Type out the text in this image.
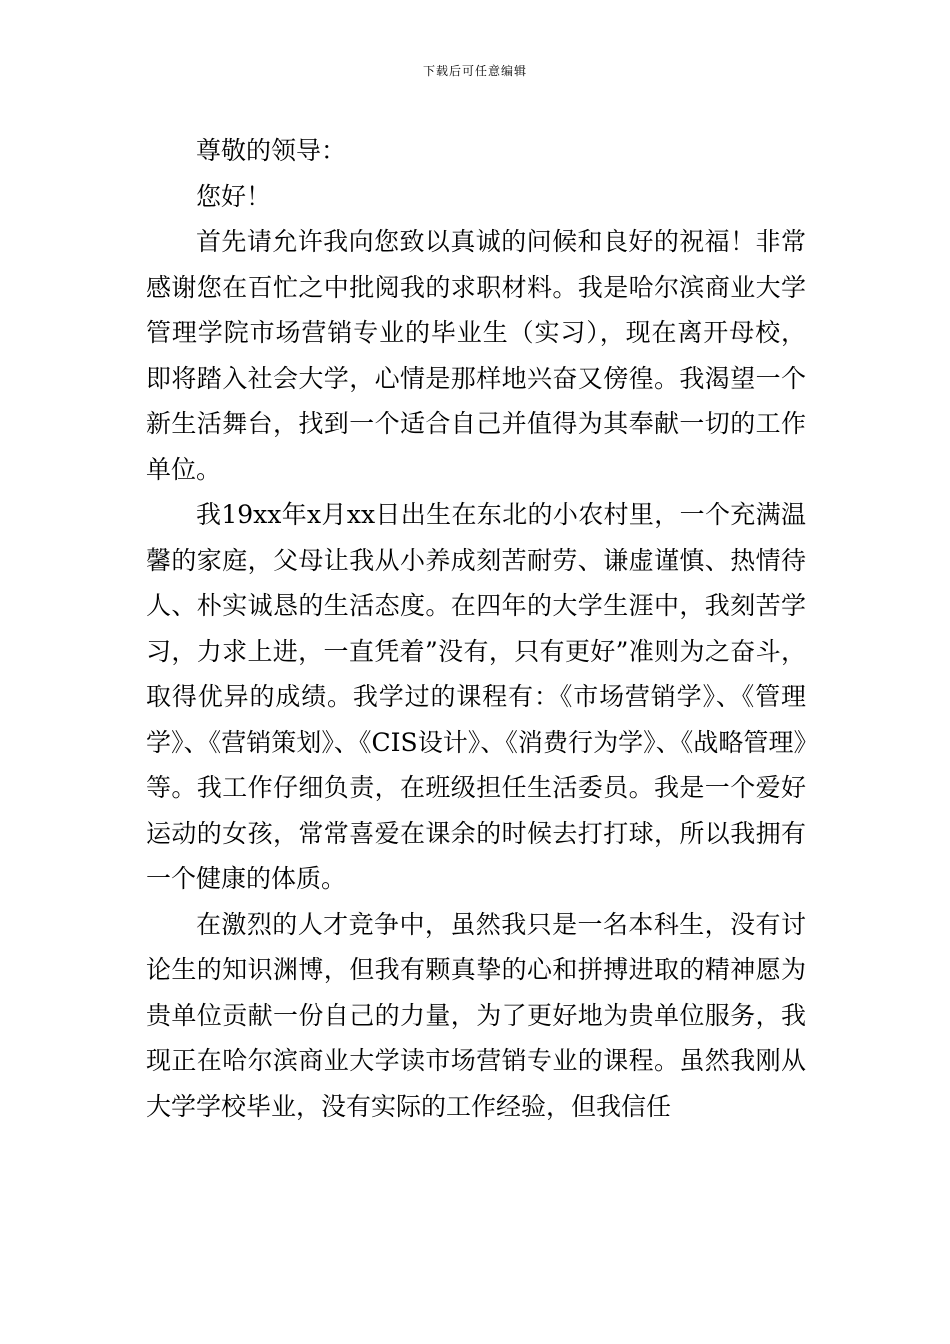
下载后可任意编辑

尊敬的领导：

您好！

首先请允许我向您致以真诚的问候和良好的祝福！非常感谢您在百忙之中批阅我的求职材料。我是哈尔滨商业大学管理学院市场营销专业的毕业生（实习），现在离开母校，即将踏入社会大学，心情是那样地兴奋又傍徨。我渴望一个新生活舞台，找到一个适合自己并值得为其奉献一切的工作单位。

我19xx年x月xx日出生在东北的小农村里，一个充满温馨的家庭，父母让我从小养成刻苦耐劳、谦虚谨慎、热情待人、朴实诚恳的生活态度。在四年的大学生涯中，我刻苦学习，力求上进，一直凭着”没有，只有更好”准则为之奋斗，取得优异的成绩。我学过的课程有：《市场营销学》、《管理学》、《营销策划》、《CIS设计》、《消费行为学》、《战略管理》等。我工作仔细负责，在班级担任生活委员。我是一个爱好运动的女孩，常常喜爱在课余的时候去打打球，所以我拥有一个健康的体质。

在激烈的人才竞争中，虽然我只是一名本科生，没有讨论生的知识渊博，但我有颗真挚的心和拼搏进取的精神愿为贵单位贡献一份自己的力量，为了更好地为贵单位服务，我现正在哈尔滨商业大学读市场营销专业的课程。虽然我刚从大学学校毕业，没有实际的工作经验，但我信任
